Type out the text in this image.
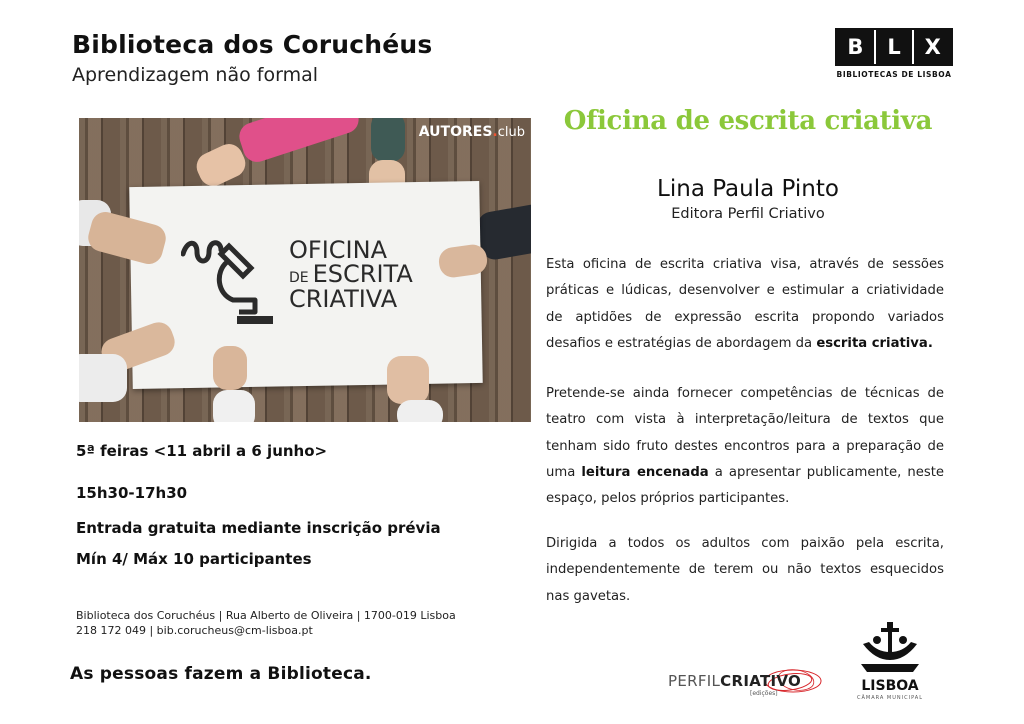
Biblioteca dos Coruchéus
Aprendizagem não formal
B	L	X
BIBLIOTECAS DE LISBOA
AUTORES.club
OFICINA
DE ESCRITA
CRIATIVA
Oficina de escrita criativa
Lina Paula Pinto
Editora Perfil Criativo
Esta oficina de escrita criativa visa, através de sessões práticas e lúdicas, desenvolver e estimular a criatividade de aptidões de expressão escrita propondo variados desafios e estratégias de abordagem da escrita criativa.
Pretende-se ainda fornecer competências de técnicas de teatro com vista à interpretação/leitura de textos que tenham sido fruto destes encontros para a preparação de uma leitura encenada a apresentar publicamente, neste espaço, pelos próprios participantes.
Dirigida a todos os adultos com paixão pela escrita, independentemente de terem ou não textos esquecidos nas gavetas.
5ª feiras <11 abril a 6 junho>
15h30-17h30
Entrada gratuita mediante inscrição prévia
Mín 4/ Máx 10 participantes
Biblioteca dos Coruchéus | Rua Alberto de Oliveira | 1700-019 Lisboa
218 172 049 | bib.corucheus@cm-lisboa.pt
As pessoas fazem a Biblioteca.	PERFILCRIATIVO
[edições]	LISBOA
CÂMARA MUNICIPAL
